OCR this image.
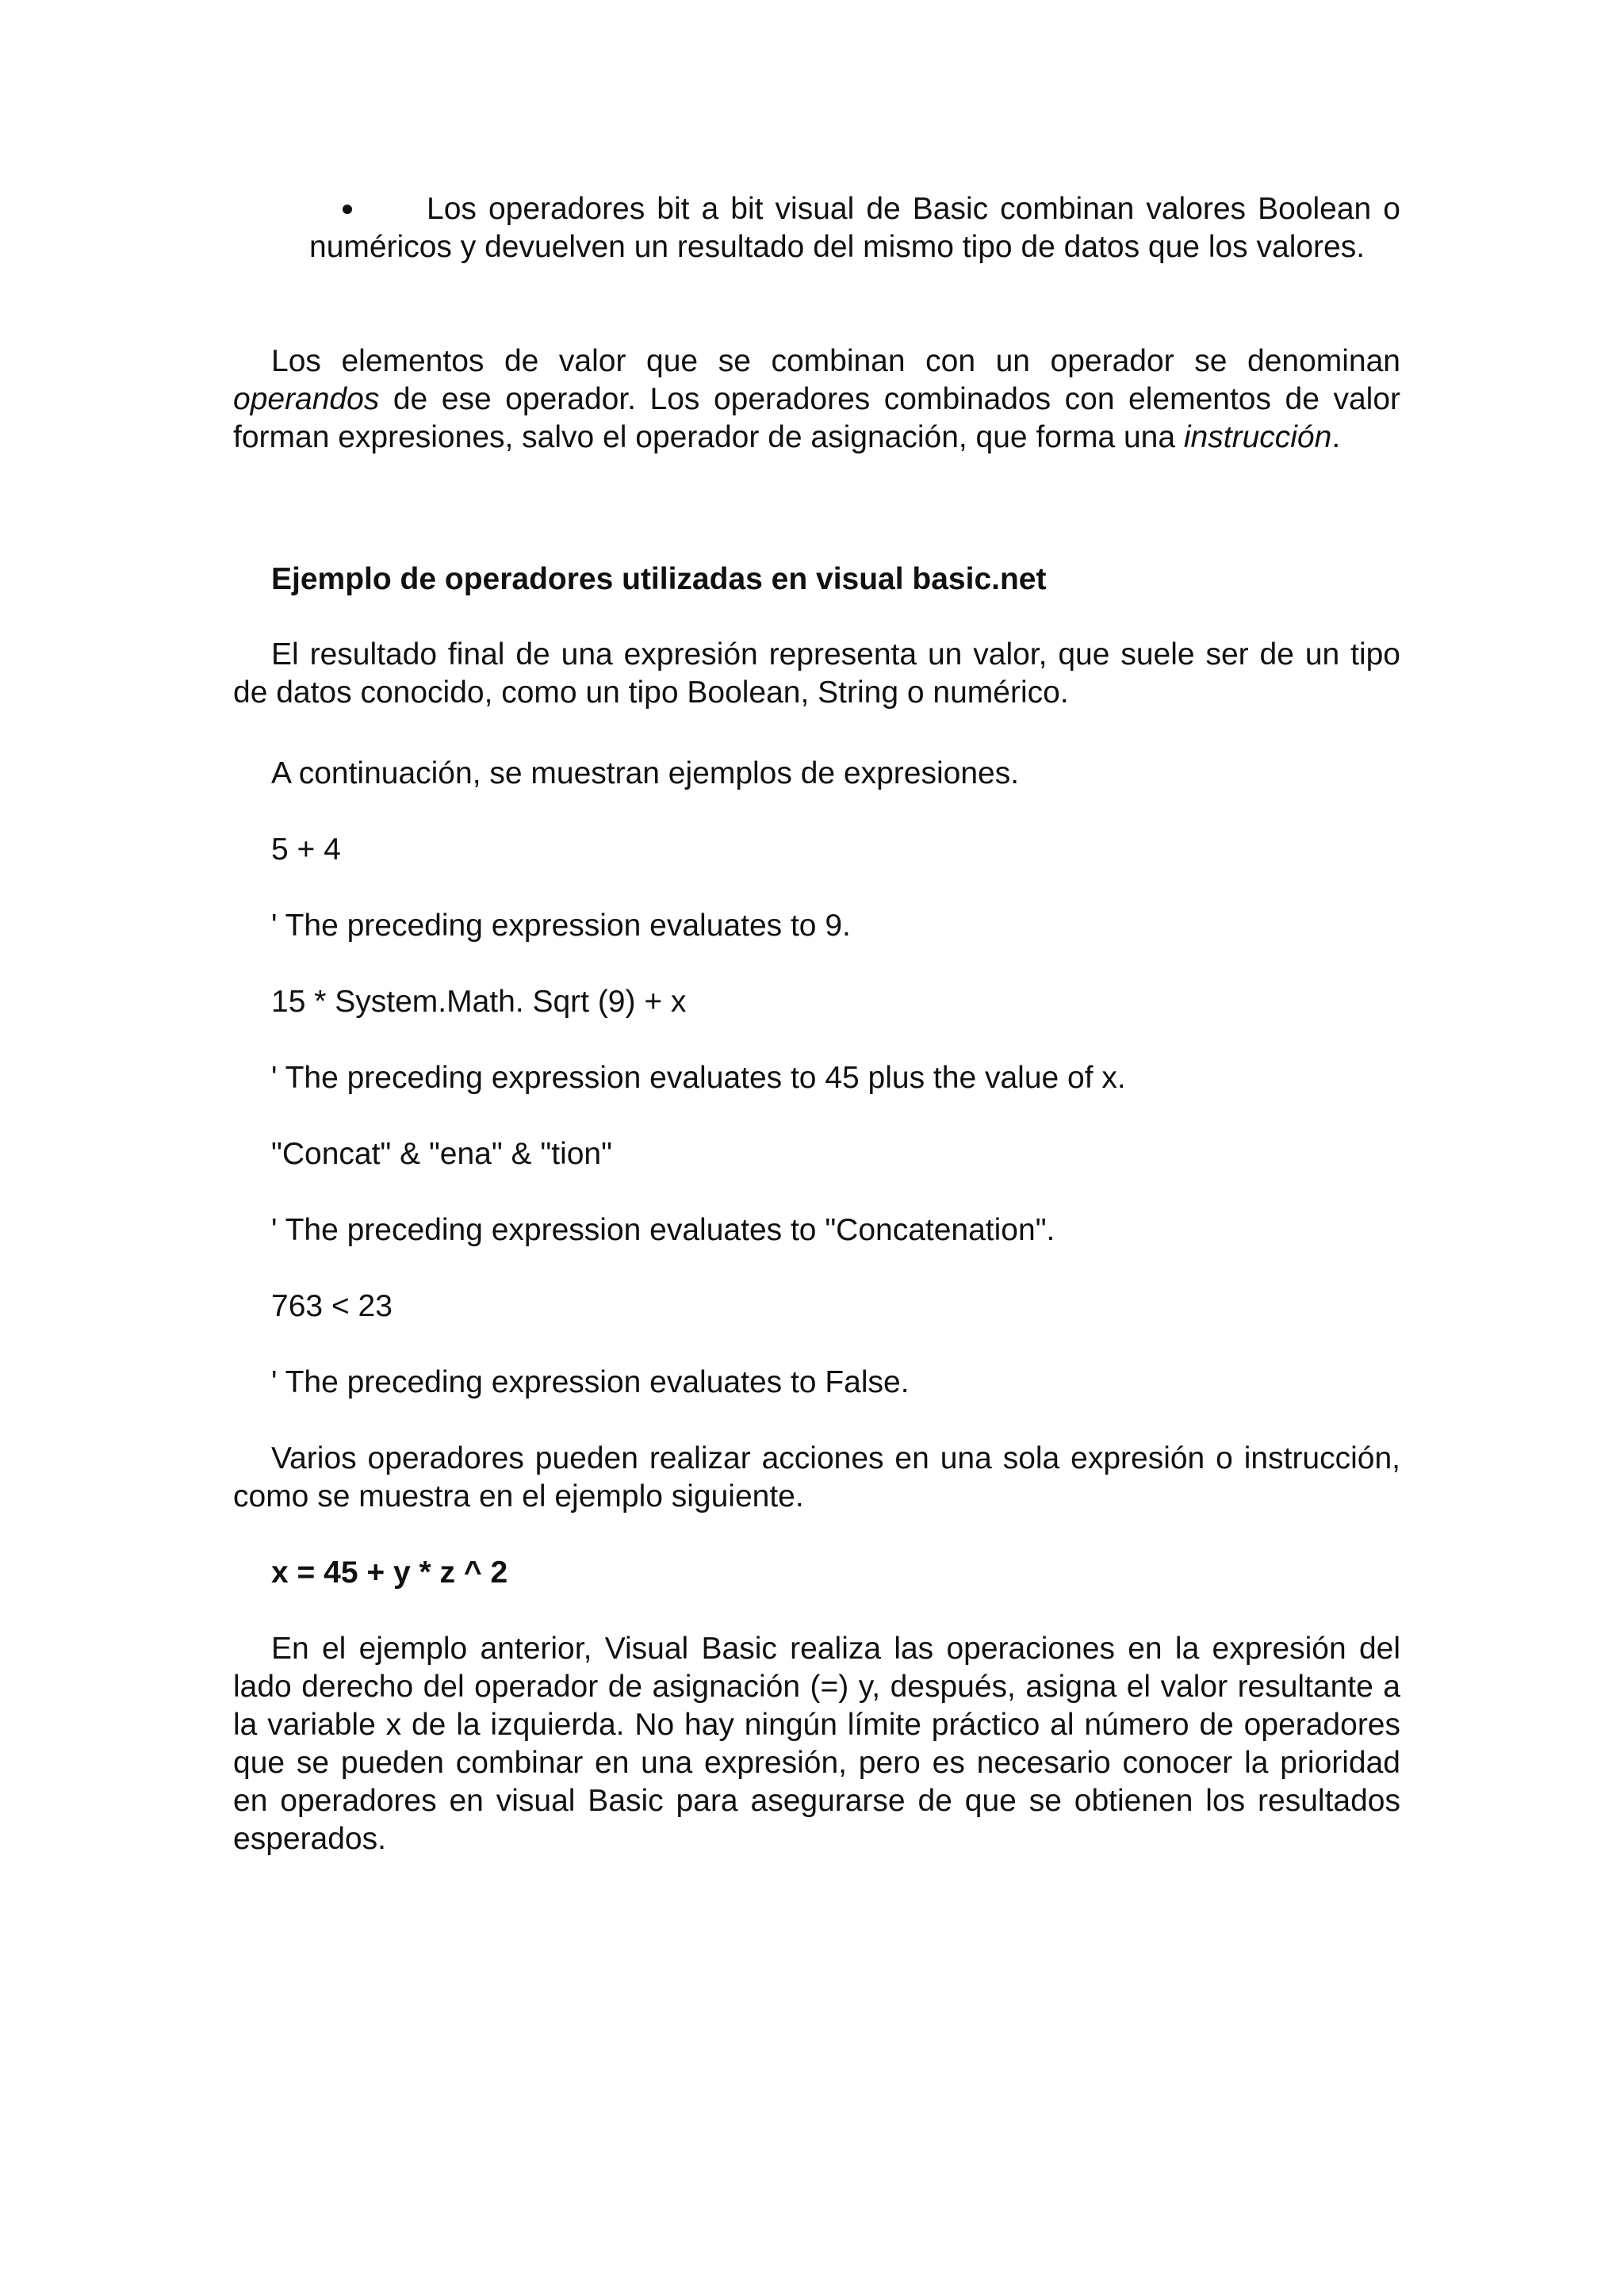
Los operadores bit a bit visual de Basic combinan valores Boolean o numéricos y devuelven un resultado del mismo tipo de datos que los valores.

Los elementos de valor que se combinan con un operador se denominan operandos de ese operador. Los operadores combinados con elementos de valor forman expresiones, salvo el operador de asignación, que forma una instrucción.

Ejemplo de operadores utilizadas en visual basic.net

El resultado final de una expresión representa un valor, que suele ser de un tipo de datos conocido, como un tipo Boolean, String o numérico.

A continuación, se muestran ejemplos de expresiones.

5 + 4

' The preceding expression evaluates to 9.

15 * System.Math. Sqrt (9) + x

' The preceding expression evaluates to 45 plus the value of x.

"Concat" & "ena" & "tion"

' The preceding expression evaluates to "Concatenation".

763 < 23

' The preceding expression evaluates to False.

Varios operadores pueden realizar acciones en una sola expresión o instrucción, como se muestra en el ejemplo siguiente.

x = 45 + y * z ^ 2

En el ejemplo anterior, Visual Basic realiza las operaciones en la expresión del lado derecho del operador de asignación (=) y, después, asigna el valor resultante a la variable x de la izquierda. No hay ningún límite práctico al número de operadores que se pueden combinar en una expresión, pero es necesario conocer la prioridad en operadores en visual Basic para asegurarse de que se obtienen los resultados esperados.
